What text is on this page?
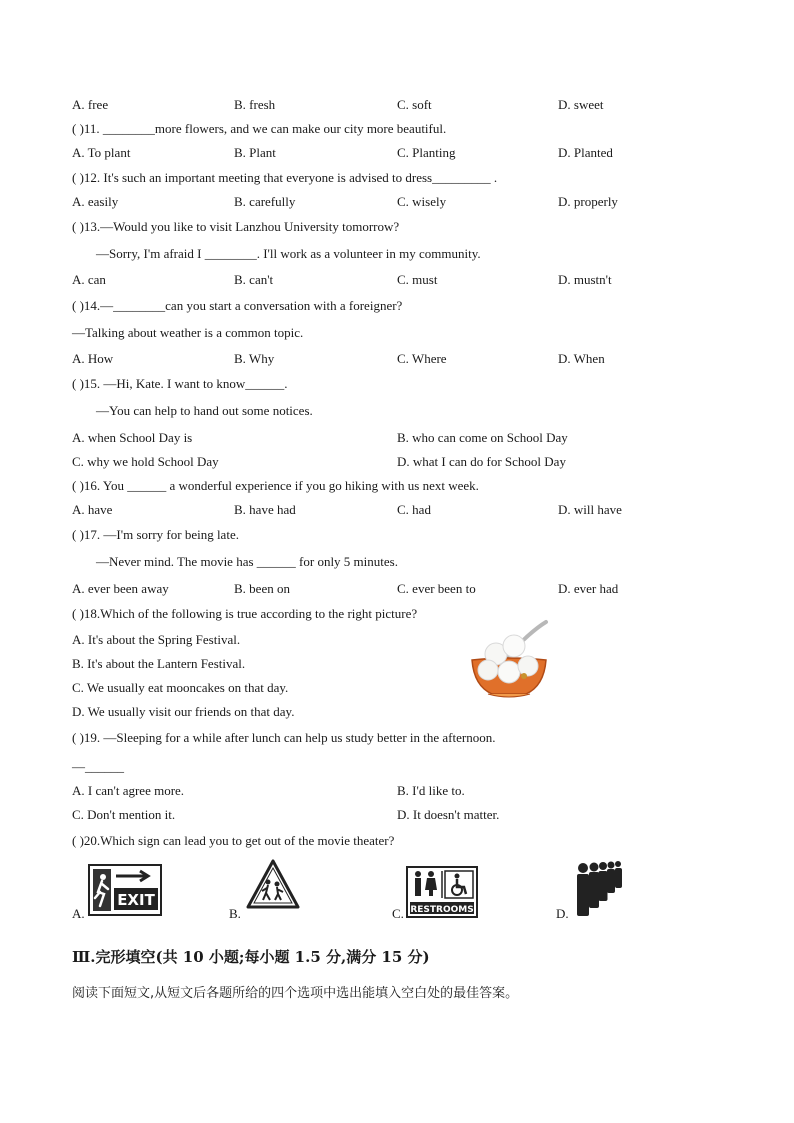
A. free	B. fresh	C. soft	D. sweet
( )11. ________more flowers, and we can make our city more beautiful.
A. To plant	B. Plant	C. Planting	D. Planted
( )12. It's such an important meeting that everyone is advised to dress_________ .
A. easily	B. carefully	C. wisely	D. properly
( )13.—Would you like to visit Lanzhou University tomorrow?
—Sorry, I'm afraid I ________. I'll work as a volunteer in my community.
A. can	B. can't	C. must	D. mustn't
( )14.—________can you start a conversation with a foreigner?
—Talking about weather is a common topic.
A. How	B. Why	C. Where	D. When
( )15. —Hi, Kate. I want to know______.
—You can help to hand out some notices.
A. when School Day is	B. who can come on School Day
C. why we hold School Day	D. what I can do for School Day
( )16. You ______ a wonderful experience if you go hiking with us next week.
A. have	B. have had	C. had	D. will have
( )17. —I'm sorry for being late.
—Never mind. The movie has ______ for only 5 minutes.
A. ever been away	B. been on	C. ever been to	D. ever had
( )18.Which of the following is true according to the right picture?
A. It's about the Spring Festival.
B. It's about the Lantern Festival.
C. We usually eat mooncakes on that day.
D. We usually visit our friends on that day.
( )19. —Sleeping for a while after lunch can help us study better in the afternoon.
—______
A. I can't agree more.	B. I'd like to.
C. Don't mention it.	D. It doesn't matter.
( )20.Which sign can lead you to get out of the movie theater?
A.
EXIT
B.	C. RESTROOMS	D.
Ⅲ.完形填空(共 10 小题;每小题 1.5 分,满分 15 分)
阅读下面短文,从短文后各题所给的四个选项中选出能填入空白处的最佳答案。
